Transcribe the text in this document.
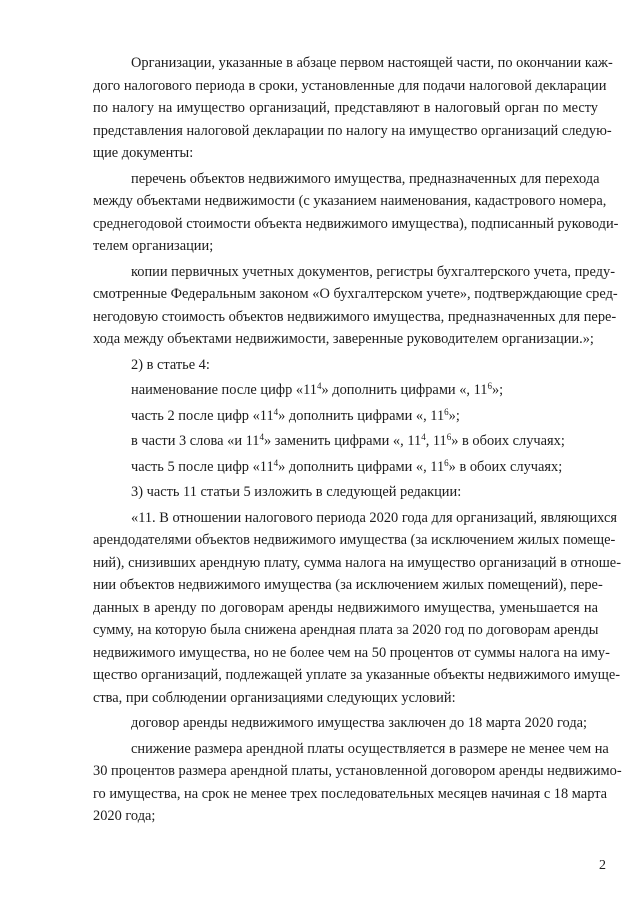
Организации, указанные в абзаце первом настоящей части, по окончании каж-
дого налогового периода в сроки, установленные для подачи налоговой декларации
по налогу на имущество организаций, представляют в налоговый орган по месту
представления налоговой декларации по налогу на имущество организаций следую-
щие документы:
перечень объектов недвижимого имущества, предназначенных для перехода
между объектами недвижимости (с указанием наименования, кадастрового номера,
среднегодовой стоимости объекта недвижимого имущества), подписанный руководи-
телем организации;
копии первичных учетных документов, регистры бухгалтерского учета, преду-
смотренные Федеральным законом «О бухгалтерском учете», подтверждающие сред-
негодовую стоимость объектов недвижимого имущества, предназначенных для пере-
хода между объектами недвижимости, заверенные руководителем организации.»;
2) в статье 4:
наименование после цифр «$11^4$» дополнить цифрами «, $11^6$»;
часть 2 после цифр «$11^4$» дополнить цифрами «, $11^6$»;
в части 3 слова «и $11^4$» заменить цифрами «, $11^4$, $11^6$» в обоих случаях;
часть 5 после цифр «$11^4$» дополнить цифрами «, $11^6$» в обоих случаях;
3) часть 11 статьи 5 изложить в следующей редакции:
«11. В отношении налогового периода 2020 года для организаций, являющихся
арендодателями объектов недвижимого имущества (за исключением жилых помеще-
ний), снизивших арендную плату, сумма налога на имущество организаций в отноше-
нии объектов недвижимого имущества (за исключением жилых помещений), пере-
данных в аренду по договорам аренды недвижимого имущества, уменьшается на
сумму, на которую была снижена арендная плата за 2020 год по договорам аренды
недвижимого имущества, но не более чем на 50 процентов от суммы налога на иму-
щество организаций, подлежащей уплате за указанные объекты недвижимого имуще-
ства, при соблюдении организациями следующих условий:
договор аренды недвижимого имущества заключен до 18 марта 2020 года;
снижение размера арендной платы осуществляется в размере не менее чем на
30 процентов размера арендной платы, установленной договором аренды недвижимо-
го имущества, на срок не менее трех последовательных месяцев начиная с 18 марта
2020 года;
2
